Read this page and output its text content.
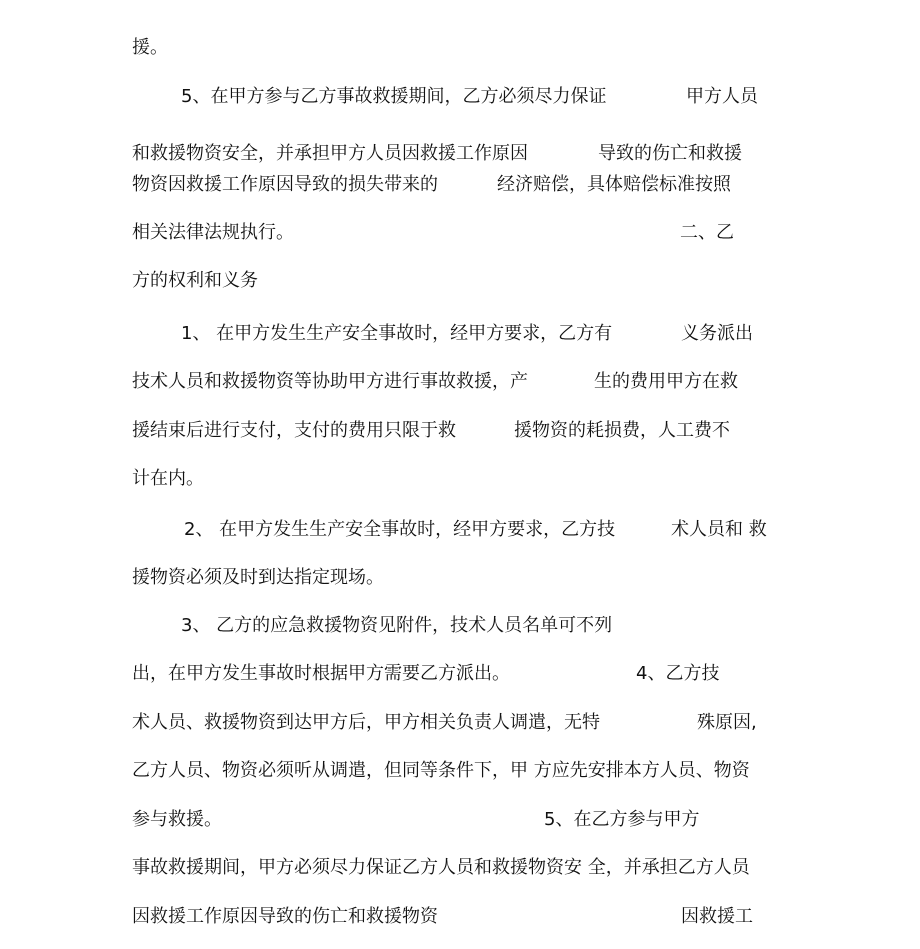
援。
5、在甲方参与乙方事故救援期间，乙方必须尽力保证	甲方人员
和救援物资安全，并承担甲方人员因救援工作原因	导致的伤亡和救援
物资因救援工作原因导致的损失带来的	经济赔偿，具体赔偿标准按照
相关法律法规执行。	二、乙
方的权利和义务
1、 在甲方发生生产安全事故时，经甲方要求，乙方有	义务派出
技术人员和救援物资等协助甲方进行事故救援，产	生的费用甲方在救
援结束后进行支付，支付的费用只限于救	援物资的耗损费，人工费不
计在内。
2、 在甲方发生生产安全事故时，经甲方要求，乙方技	术人员和 救
援物资必须及时到达指定现场。
3、 乙方的应急救援物资见附件，技术人员名单可不列
出，在甲方发生事故时根据甲方需要乙方派出。	4、乙方技
术人员、救援物资到达甲方后，甲方相关负责人调遣，无特	殊原因,
乙方人员、物资必须听从调遣，但同等条件下，甲 方应先安排本方人员、物资
参与救援。	5、在乙方参与甲方
事故救援期间，甲方必须尽力保证乙方人员和救援物资安 全，并承担乙方人员
因救援工作原因导致的伤亡和救援物资	因救援工
